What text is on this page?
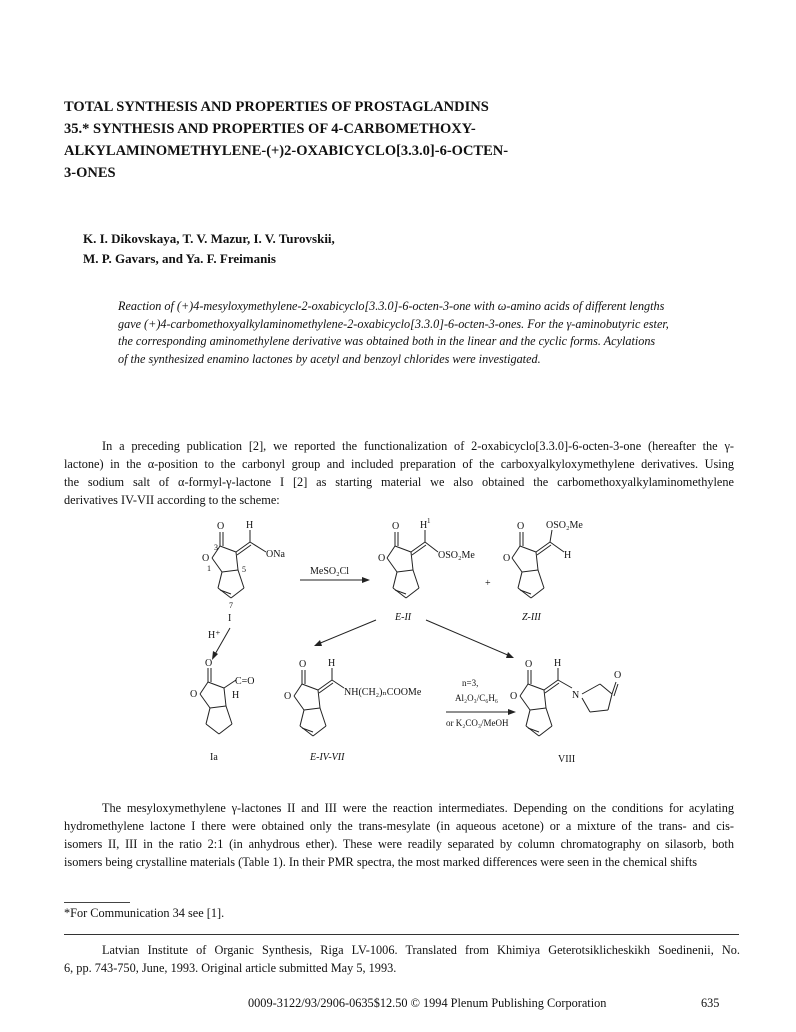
TOTAL SYNTHESIS AND PROPERTIES OF PROSTAGLANDINS
35.* SYNTHESIS AND PROPERTIES OF 4-CARBOMETHOXY-
ALKYLAMINOMETHYLENE-(+)2-OXABICYCLO[3.3.0]-6-OCTEN-
3-ONES
K. I. Dikovskaya, T. V. Mazur, I. V. Turovskii,
M. P. Gavars, and Ya. F. Freimanis
Reaction of (+)4-mesyloxymethylene-2-oxabicyclo[3.3.0]-6-octen-3-one with ω-amino acids of different lengths
gave (+)4-carbomethoxyalkylaminomethylene-2-oxabicyclo[3.3.0]-6-octen-3-ones. For the γ-aminobutyric ester,
the corresponding aminomethylene derivative was obtained both in the linear and the cyclic forms. Acylations
of the synthesized enamino lactones by acetyl and benzoyl chlorides were investigated.
In a preceding publication [2], we reported the functionalization of 2-oxabicyclo[3.3.0]-6-octen-3-one (hereafter the γ-
lactone) in the α-position to the carbonyl group and included preparation of the carboxyalkyloxymethylene derivatives. Using
the sodium salt of α-formyl-γ-lactone I [2] as starting material we also obtained the carbomethoxyalkylaminomethylene
derivatives IV-VII according to the scheme:
O H
ONa
O
3
1	5
7
I
MeSO₂Cl
O H 1
O	OSO₂Me
+
E-II
O OSO₂Me
O	H
Z-III
H⁺
O
O
C=O
H
Ia
O H
O	NH(CH₂)ₙCOOMe
E-IV-VII
n=3,
Al₂O₃/C₆H₆
or K₂CO₃/MeOH
O H
O	N
O
VIII
The mesyloxymethylene γ-lactones II and III were the reaction intermediates. Depending on the conditions for acylating
hydromethylene lactone I there were obtained only the trans-mesylate (in aqueous acetone) or a mixture of the trans- and cis-
isomers II, III in the ratio 2:1 (in anhydrous ether). These were readily separated by column chromatography on silasorb, both
isomers being crystalline materials (Table 1). In their PMR spectra, the most marked differences were seen in the chemical shifts
*For Communication 34 see [1].
Latvian Institute of Organic Synthesis, Riga LV-1006. Translated from Khimiya Geterotsiklicheskikh Soedinenii, No.
6, pp. 743-750, June, 1993. Original article submitted May 5, 1993.
0009-3122/93/2906-0635$12.50 © 1994 Plenum Publishing Corporation	635
